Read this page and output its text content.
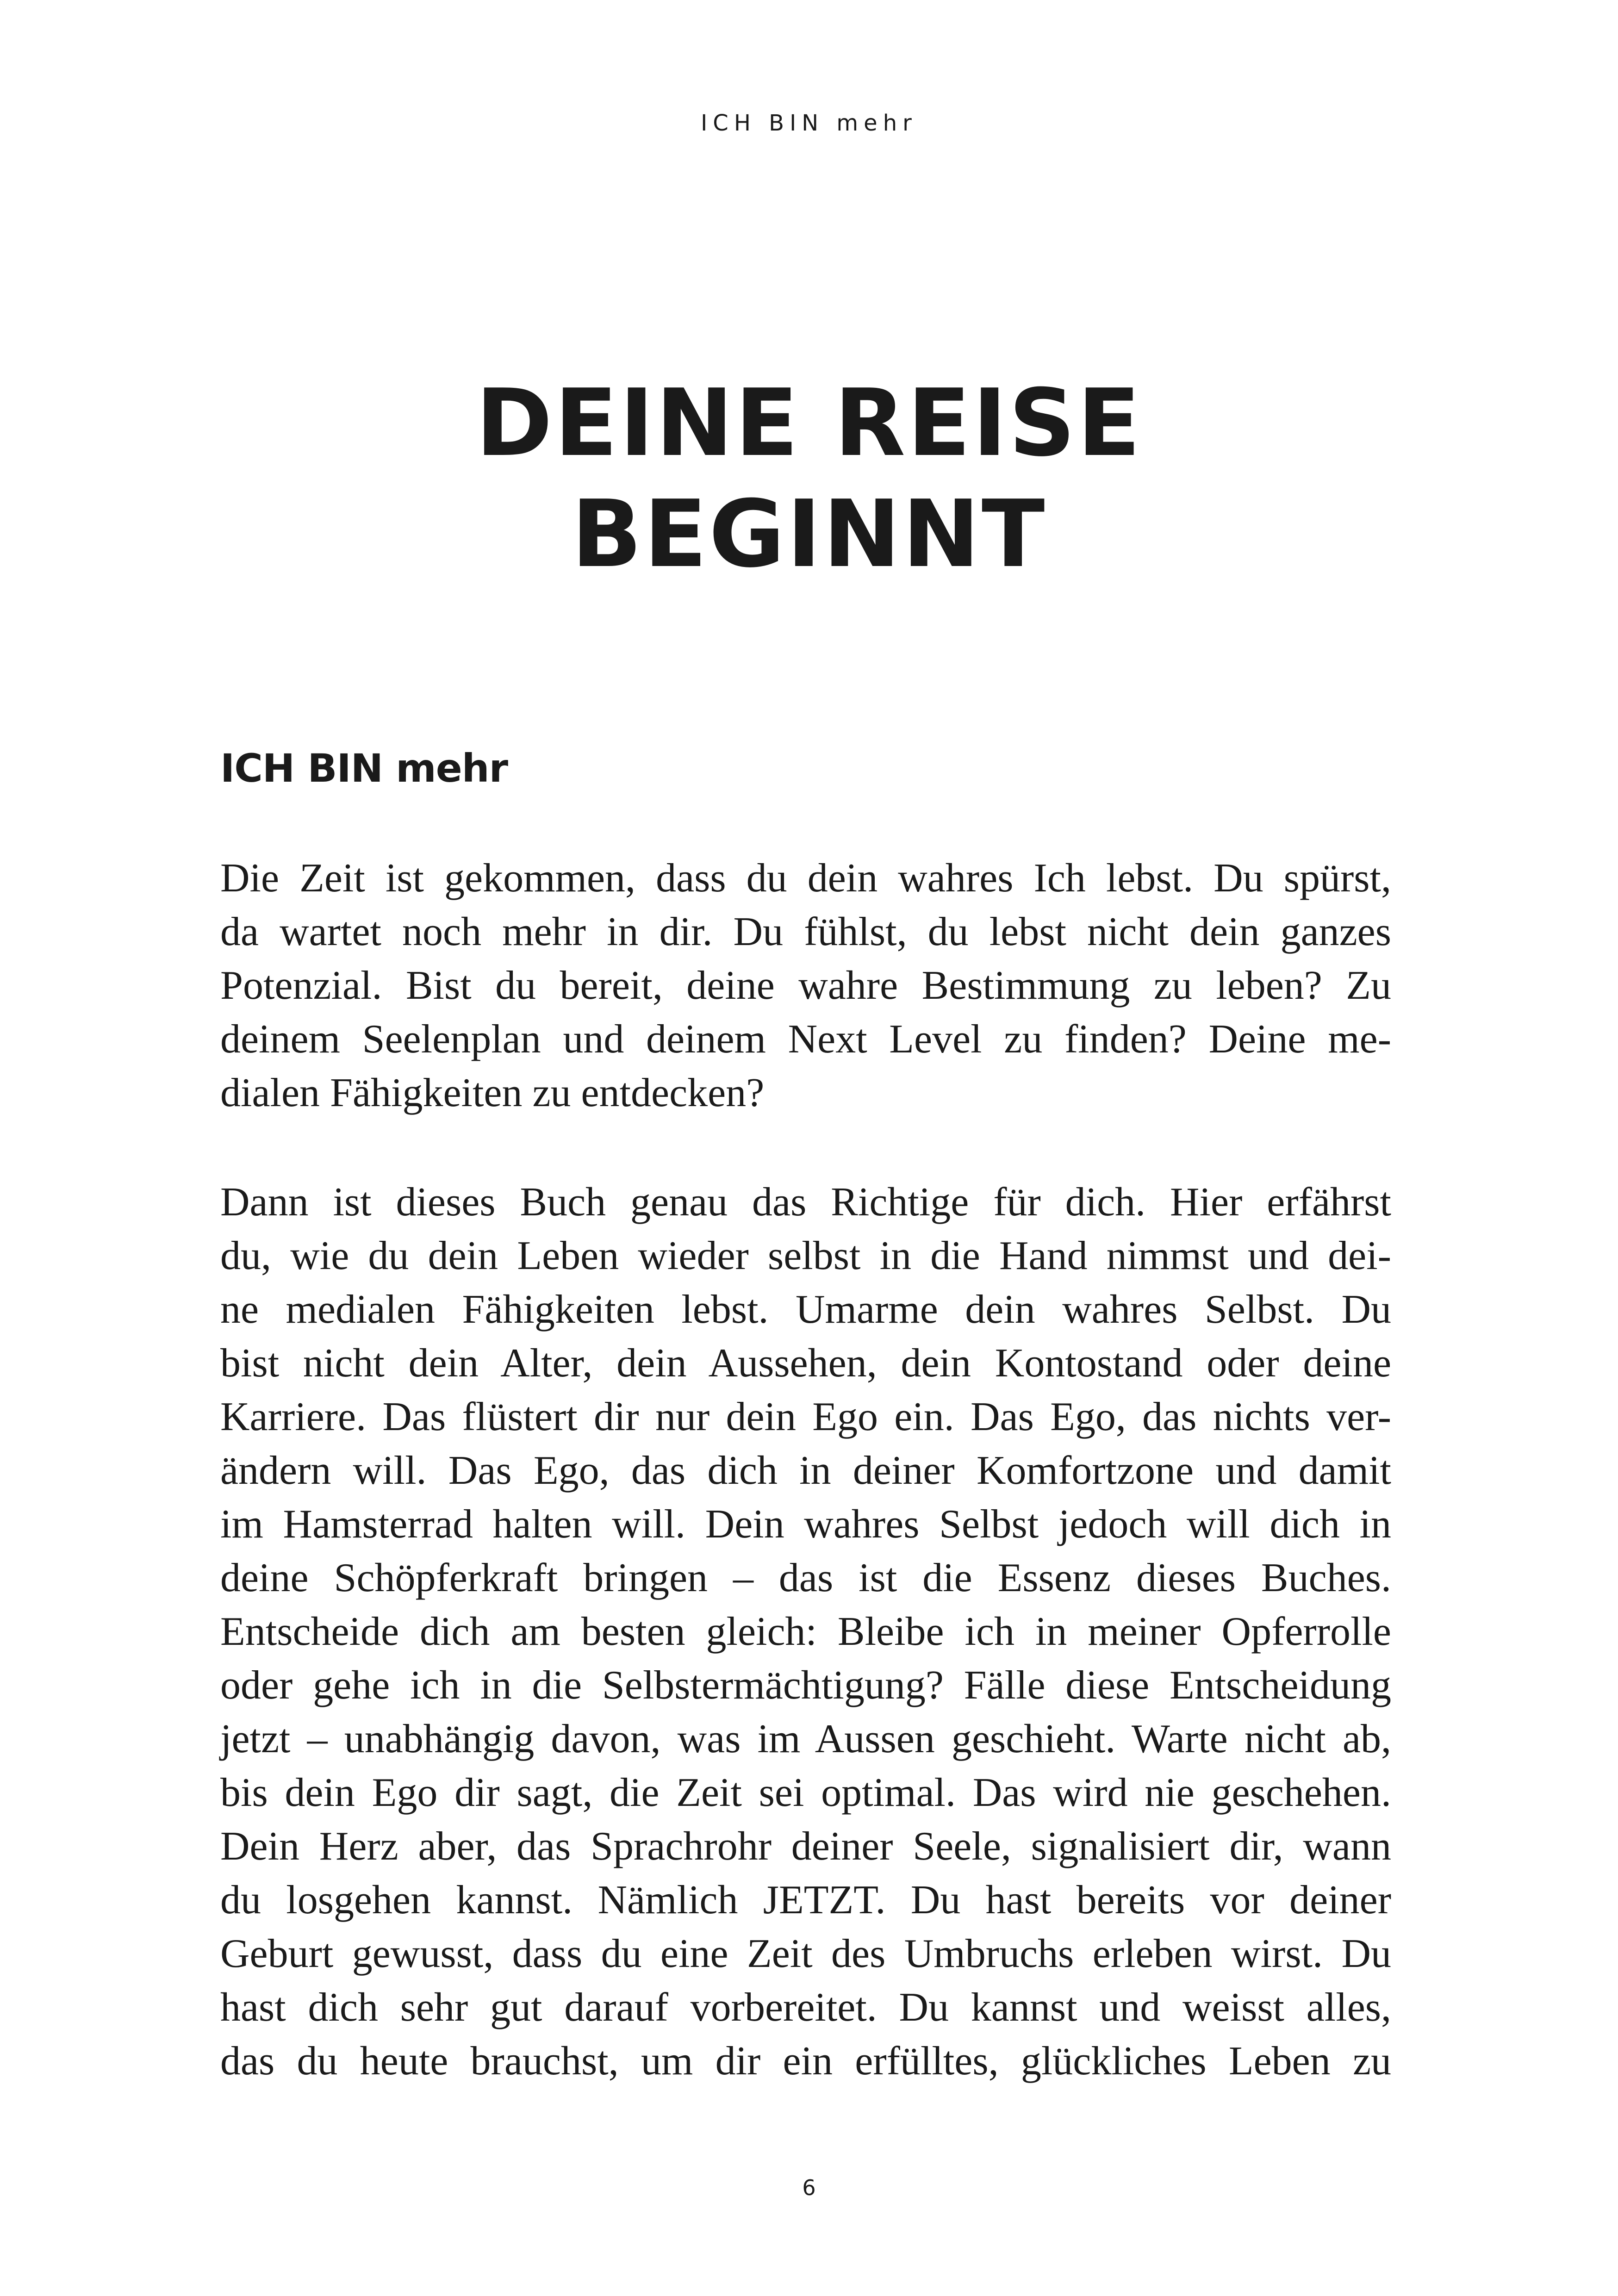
ICH BIN mehr
DEINE REISE
BEGINNT
ICH BIN mehr
Die Zeit ist gekommen, dass du dein wahres Ich lebst. Du spürst,
da wartet noch mehr in dir. Du fühlst, du lebst nicht dein ganzes
Potenzial. Bist du bereit, deine wahre Bestimmung zu leben? Zu
deinem Seelenplan und deinem Next Level zu finden? Deine me-
dialen Fähigkeiten zu entdecken?
Dann ist dieses Buch genau das Richtige für dich. Hier erfährst
du, wie du dein Leben wieder selbst in die Hand nimmst und dei-
ne medialen Fähigkeiten lebst. Umarme dein wahres Selbst. Du
bist nicht dein Alter, dein Aussehen, dein Kontostand oder deine
Karriere. Das flüstert dir nur dein Ego ein. Das Ego, das nichts ver-
ändern will. Das Ego, das dich in deiner Komfortzone und damit
im Hamsterrad halten will. Dein wahres Selbst jedoch will dich in
deine Schöpferkraft bringen – das ist die Essenz dieses Buches.
Entscheide dich am besten gleich: Bleibe ich in meiner Opferrolle
oder gehe ich in die Selbstermächtigung? Fälle diese Entscheidung
jetzt – unabhängig davon, was im Aussen geschieht. Warte nicht ab,
bis dein Ego dir sagt, die Zeit sei optimal. Das wird nie geschehen.
Dein Herz aber, das Sprachrohr deiner Seele, signalisiert dir, wann
du losgehen kannst. Nämlich JETZT. Du hast bereits vor deiner
Geburt gewusst, dass du eine Zeit des Umbruchs erleben wirst. Du
hast dich sehr gut darauf vorbereitet. Du kannst und weisst alles,
das du heute brauchst, um dir ein erfülltes, glückliches Leben zu
6
